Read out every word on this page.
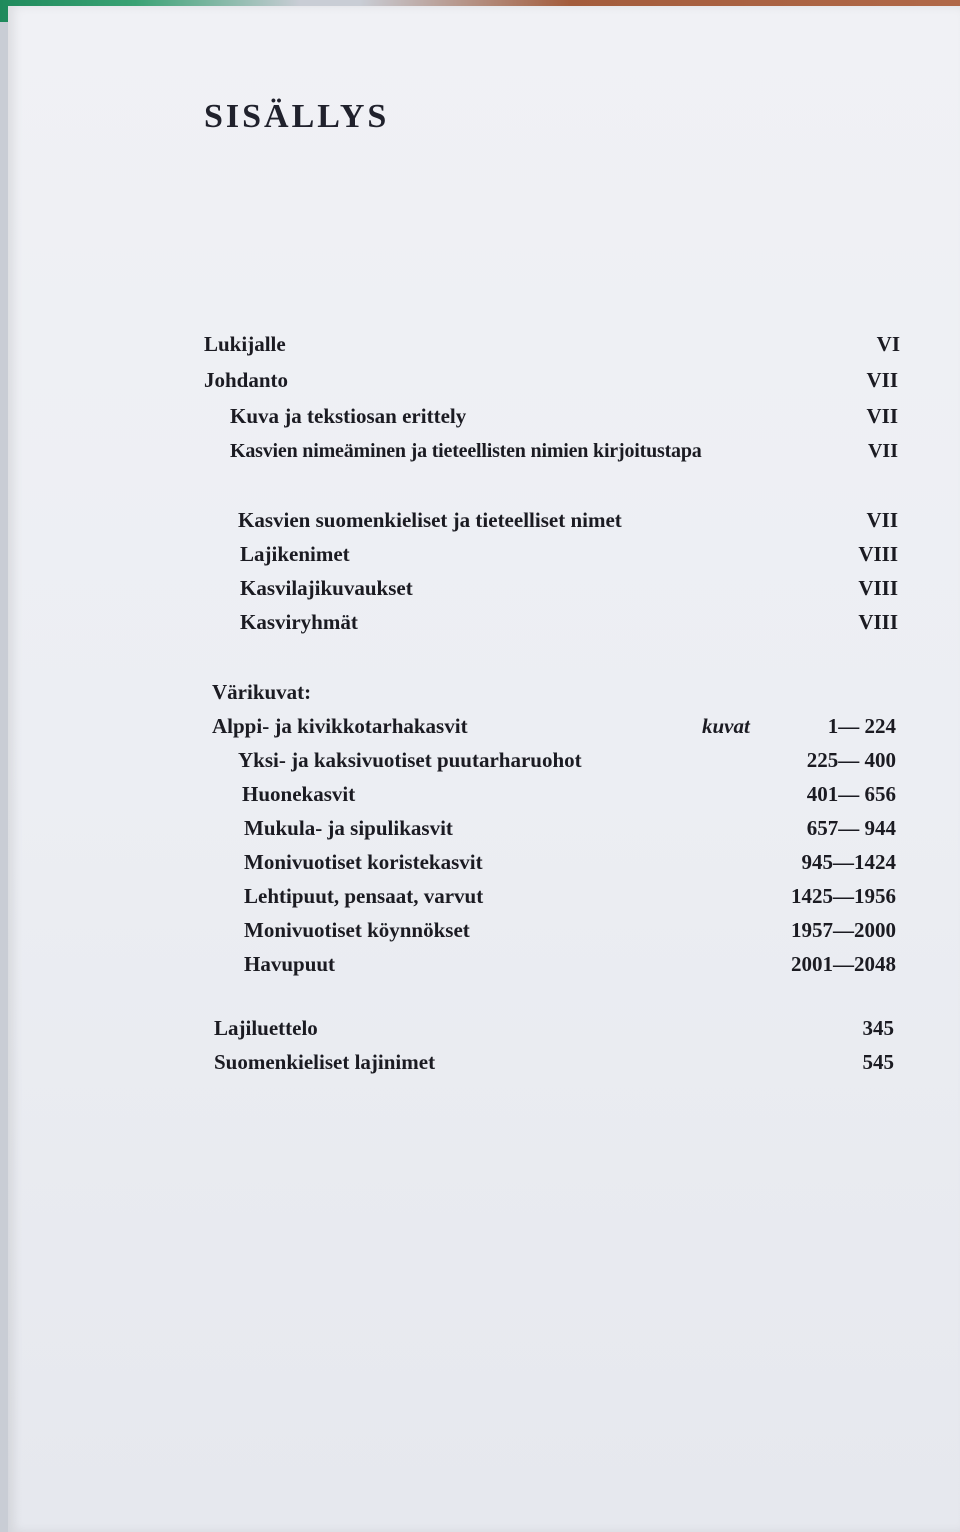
SISÄLLYS
Lukijalle	VI
Johdanto	VII
Kuva ja tekstiosan erittely	VII
Kasvien nimeäminen ja tieteellisten nimien kirjoitustapa	VII
Kasvien suomenkieliset ja tieteelliset nimet	VII
Lajikenimet	VIII
Kasvilajikuvaukset	VIII
Kasviryhmät	VIII
Värikuvat:
Alppi- ja kivikkotarhakasvit	kuvat	1— 224
Yksi- ja kaksivuotiset puutarharuohot	225— 400
Huonekasvit	401— 656
Mukula- ja sipulikasvit	657— 944
Monivuotiset koristekasvit	945—1424
Lehtipuut, pensaat, varvut	1425—1956
Monivuotiset köynnökset	1957—2000
Havupuut	2001—2048
Lajiluettelo	345
Suomenkieliset lajinimet	545
